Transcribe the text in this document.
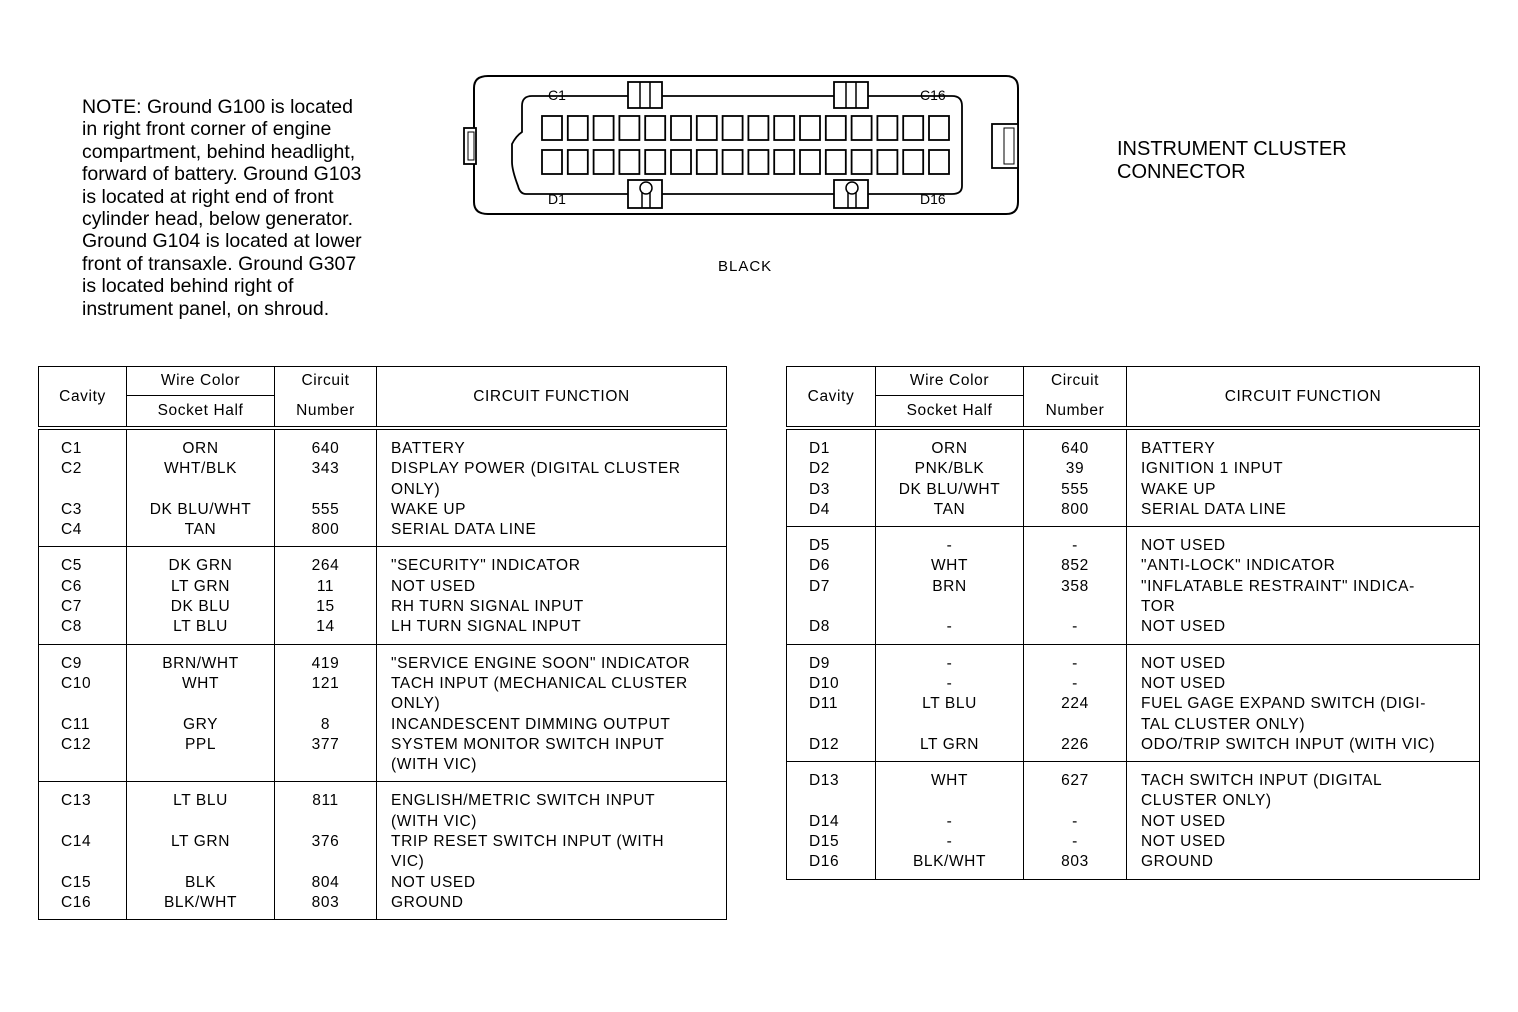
NOTE: Ground G100 is located
in right front corner of engine
compartment, behind headlight,
forward of battery. Ground G103
is located at right end of front
cylinder head, below generator.
Ground G104 is located at lower
front of transaxle. Ground G307
is located behind right of
instrument panel, on shroud.
C1	C16
D1	D16
INSTRUMENT CLUSTER
CONNECTOR
BLACK
Cavity	Wire Color	Circuit	CIRCUIT FUNCTION
	Socket Half	Number	
C1	ORN	640	BATTERY

C2	WHT/BLK	343	DISPLAY POWER (DIGITAL CLUSTER
ONLY)

C3	DK BLU/WHT	555	WAKE UP

C4	TAN	800	SERIAL DATA LINE

C5	DK GRN	264	"SECURITY" INDICATOR

C6	LT GRN	11	NOT USED

C7	DK BLU	15	RH TURN SIGNAL INPUT

C8	LT BLU	14	LH TURN SIGNAL INPUT

C9	BRN/WHT	419	"SERVICE ENGINE SOON" INDICATOR

C10	WHT	121	TACH INPUT (MECHANICAL CLUSTER
ONLY)

C11	GRY	8	INCANDESCENT DIMMING OUTPUT

C12	PPL	377	SYSTEM MONITOR SWITCH INPUT
(WITH VIC)

C13	LT BLU	811	ENGLISH/METRIC SWITCH INPUT
(WITH VIC)

C14	LT GRN	376	TRIP RESET SWITCH INPUT (WITH
VIC)

C15	BLK	804	NOT USED

C16	BLK/WHT	803	GROUND
Cavity	Wire Color	Circuit	CIRCUIT FUNCTION
	Socket Half	Number	
D1	ORN	640	BATTERY

D2	PNK/BLK	39	IGNITION 1 INPUT

D3	DK BLU/WHT	555	WAKE UP

D4	TAN	800	SERIAL DATA LINE

D5	-	-	NOT USED

D6	WHT	852	"ANTI-LOCK" INDICATOR

D7	BRN	358	"INFLATABLE RESTRAINT" INDICA-
TOR

D8	-	-	NOT USED

D9	-	-	NOT USED

D10	-	-	NOT USED

D11	LT BLU	224	FUEL GAGE EXPAND SWITCH (DIGI-
TAL CLUSTER ONLY)

D12	LT GRN	226	ODO/TRIP SWITCH INPUT (WITH VIC)

D13	WHT	627	TACH SWITCH INPUT (DIGITAL
CLUSTER ONLY)

D14	-	-	NOT USED

D15	-	-	NOT USED

D16	BLK/WHT	803	GROUND
